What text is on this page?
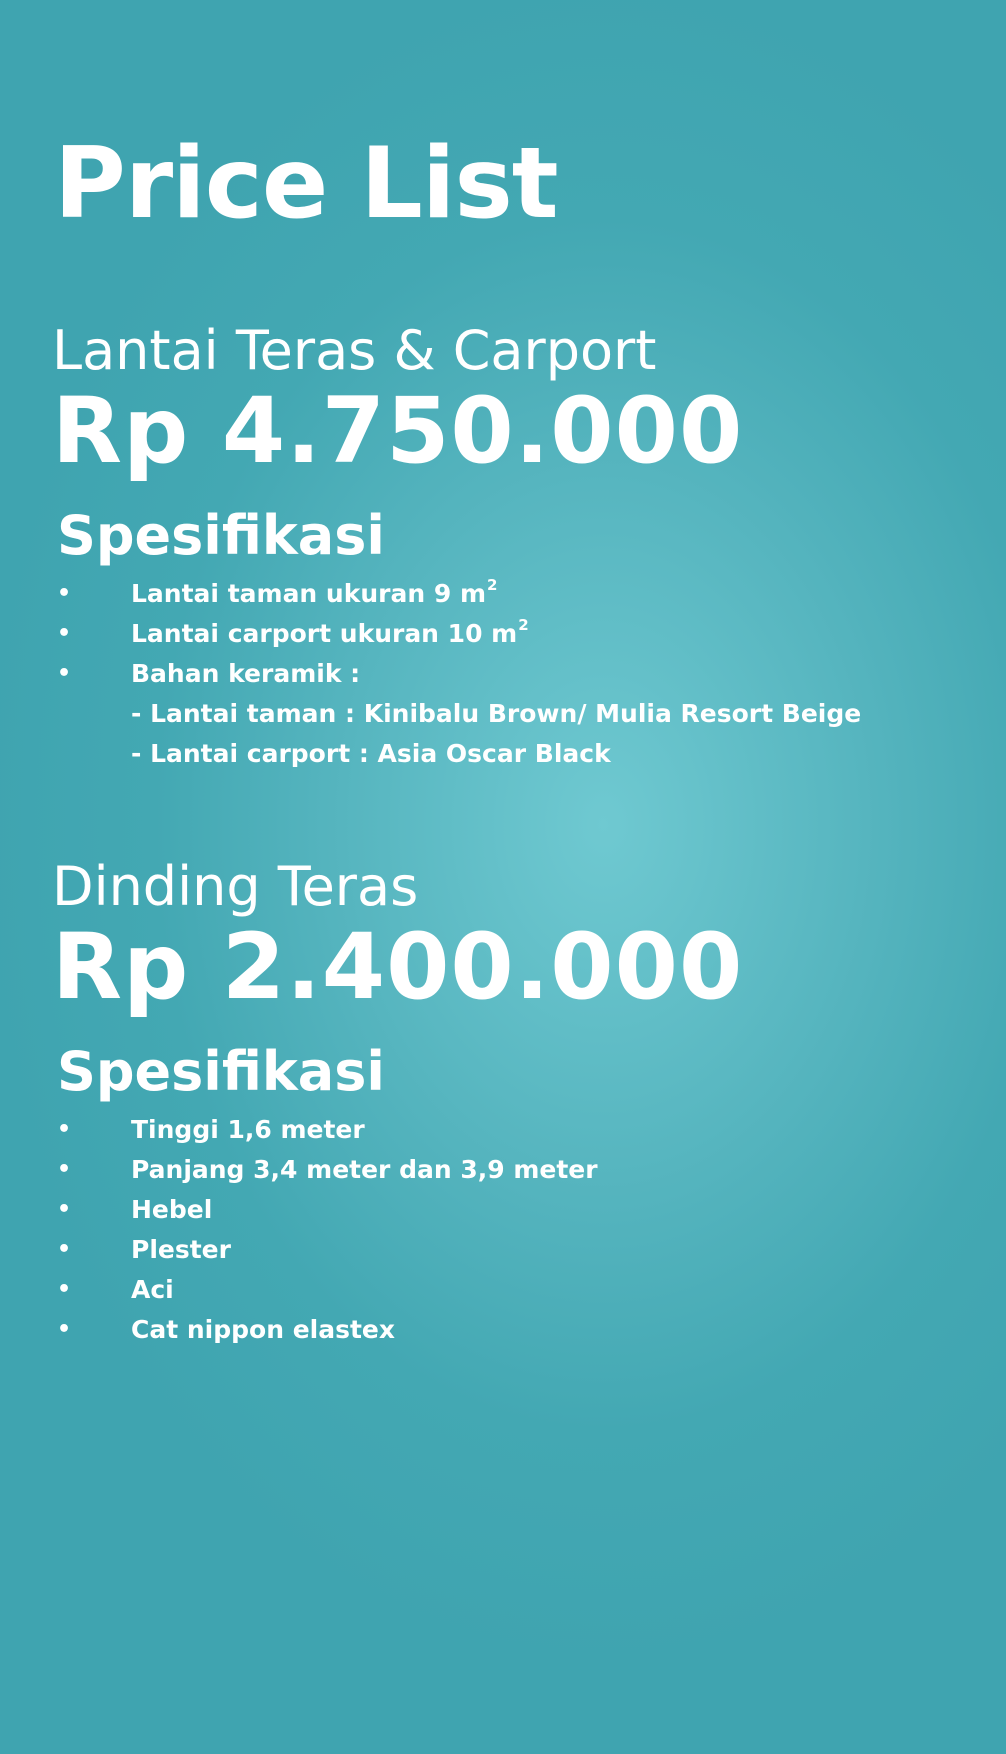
Price List
Lantai Teras & Carport
Rp 4.750.000
Spesifikasi
• Lantai taman ukuran 9 $m^2$
• Lantai carport ukuran 10 $m^2$
• Bahan keramik :
- Lantai taman : Kinibalu Brown/ Mulia Resort Beige
- Lantai carport : Asia Oscar Black
Dinding Teras
Rp 2.400.000
Spesifikasi
• Tinggi 1,6 meter
• Panjang 3,4 meter dan 3,9 meter
• Hebel
• Plester
• Aci
• Cat nippon elastex
